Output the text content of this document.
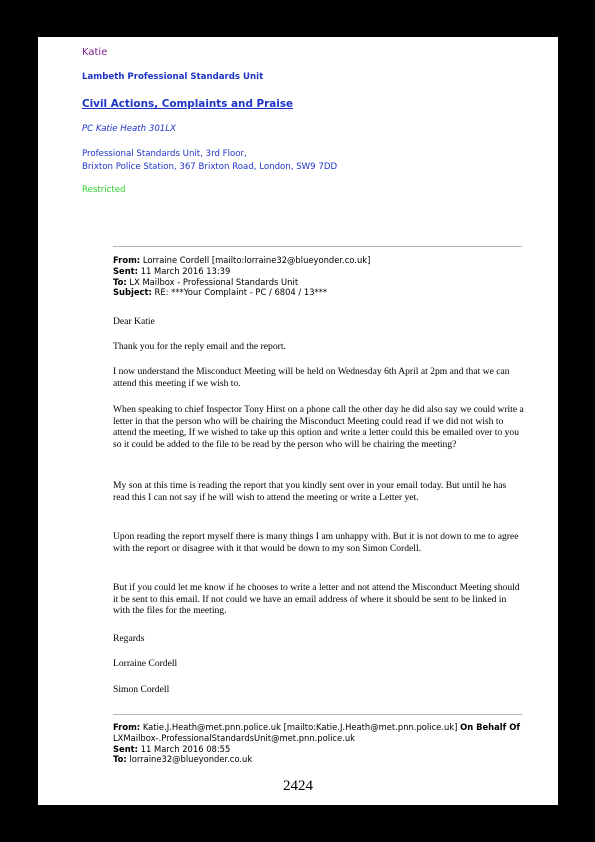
Katie
Lambeth Professional Standards Unit
Civil Actions, Complaints and Praise
PC Katie Heath 301LX
Professional Standards Unit, 3rd Floor,
Brixton Police Station, 367 Brixton Road, London, SW9 7DD
Restricted
From: Lorraine Cordell [mailto:lorraine32@blueyonder.co.uk]
Sent: 11 March 2016 13:39
To: LX Mailbox - Professional Standards Unit
Subject: RE: ***Your Complaint - PC / 6804 / 13***

Dear Katie

Thank you for the reply email and the report.

I now understand the Misconduct Meeting will be held on Wednesday 6th April at 2pm and that we can attend this meeting if we wish to.

When speaking to chief Inspector Tony Hirst on a phone call the other day he did also say we could write a letter in that the person who will be chairing the Misconduct Meeting could read if we did not wish to attend the meeting, If we wished to take up this option and write a letter could this be emailed over to you so it could be added to the file to be read by the person who will be chairing the meeting?

My son at this time is reading the report that you kindly sent over in your email today. But until he has read this I can not say if he will wish to attend the meeting or write a Letter yet.

Upon reading the report myself there is many things I am unhappy with. But it is not down to me to agree with the report or disagree with it that would be down to my son Simon Cordell.

But if you could let me know if he chooses to write a letter and not attend the Misconduct Meeting should it be sent to this email. If not could we have an email address of where it should be sent to be linked in with the files for the meeting.

Regards

Lorraine Cordell

Simon Cordell

From: Katie.J.Heath@met.pnn.police.uk [mailto:Katie.J.Heath@met.pnn.police.uk] On Behalf Of LXMailbox-.ProfessionalStandardsUnit@met.pnn.police.uk
Sent: 11 March 2016 08:55
To: lorraine32@blueyonder.co.uk
2424
